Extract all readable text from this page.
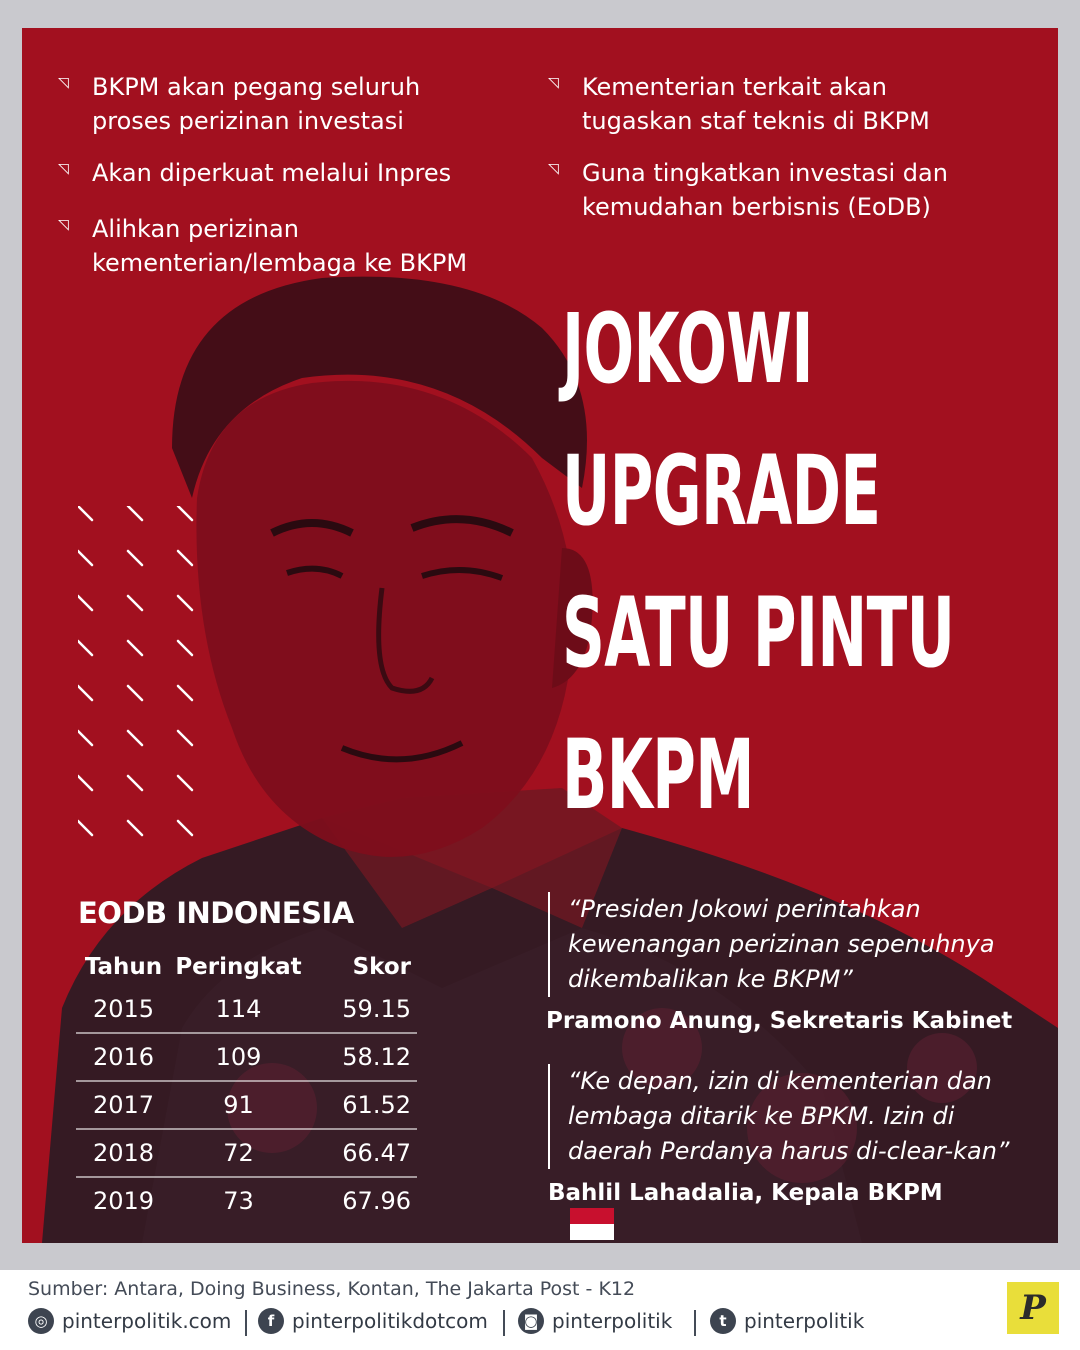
◹ BKPM akan pegang seluruh proses perizinan investasi
◹ Akan diperkuat melalui Inpres
◹ Alihkan perizinan kementerian/lembaga ke BKPM
◹ Kementerian terkait akan tugaskan staf teknis di BKPM
◹ Guna tingkatkan investasi dan kemudahan berbisnis (EoDB)
JOKOWI
UPGRADE
SATU PINTU
BKPM
EODB INDONESIA
Tahun	Peringkat	Skor
2015	114	59.15
2016	109	58.12
2017	91	61.52
2018	72	66.47
2019	73	67.96
“Presiden Jokowi perintahkan
kewenangan perizinan sepenuhnya
dikembalikan ke BKPM”
Pramono Anung, Sekretaris Kabinet
“Ke depan, izin di kementerian dan
lembaga ditarik ke BPKM. Izin di
daerah Perdanya harus di-clear-kan”
Bahlil Lahadalia, Kepala BKPM
Sumber: Antara, Doing Business, Kontan, The Jakarta Post - K12
◎ pinterpolitik.com	f pinterpolitikdotcom	◙ pinterpolitik	t pinterpolitik	P
